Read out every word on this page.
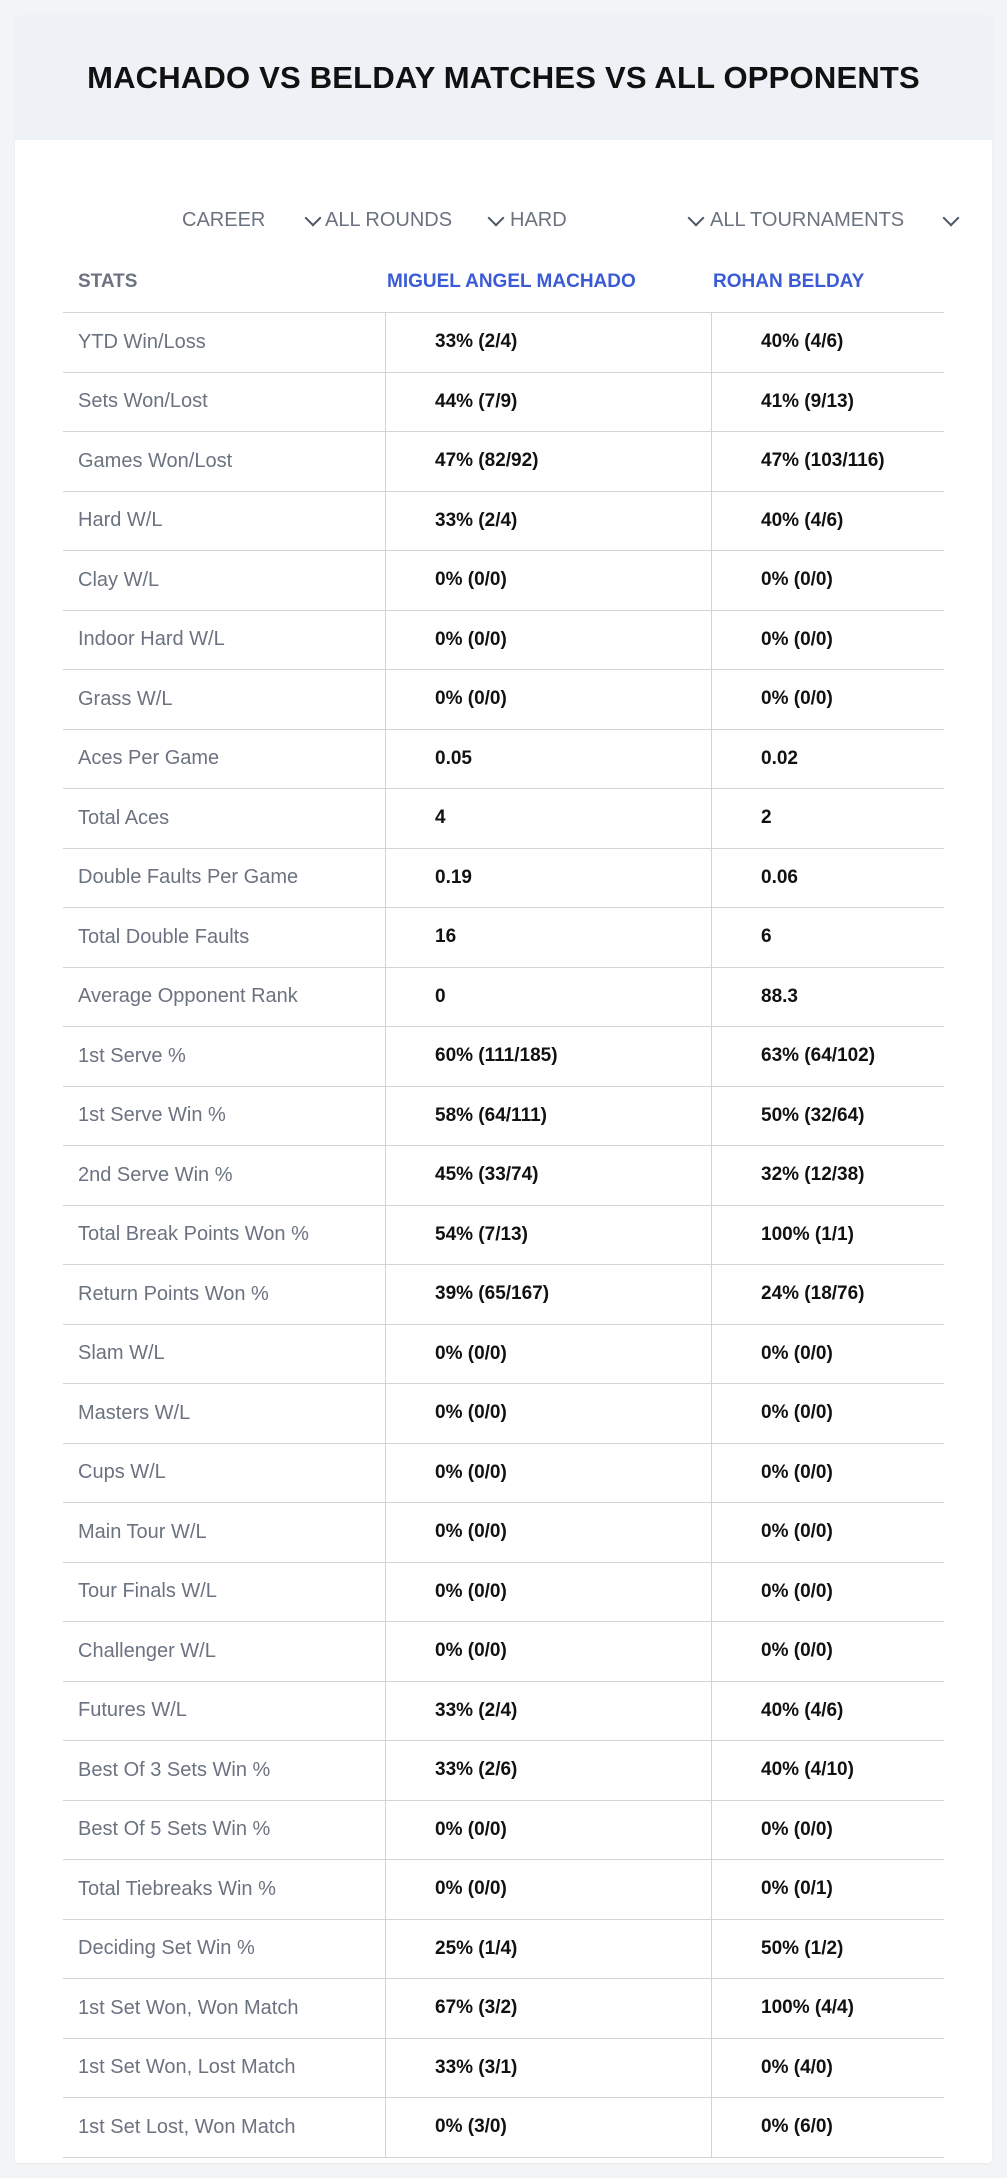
MACHADO VS BELDAY MATCHES VS ALL OPPONENTS
CAREER	ALL ROUNDS	HARD	ALL TOURNAMENTS
STATS	MIGUEL ANGEL MACHADO	ROHAN BELDAY
YTD Win/Loss	33% (2/4)	40% (4/6)
Sets Won/Lost	44% (7/9)	41% (9/13)
Games Won/Lost	47% (82/92)	47% (103/116)
Hard W/L	33% (2/4)	40% (4/6)
Clay W/L	0% (0/0)	0% (0/0)
Indoor Hard W/L	0% (0/0)	0% (0/0)
Grass W/L	0% (0/0)	0% (0/0)
Aces Per Game	0.05	0.02
Total Aces	4	2
Double Faults Per Game	0.19	0.06
Total Double Faults	16	6
Average Opponent Rank	0	88.3
1st Serve %	60% (111/185)	63% (64/102)
1st Serve Win %	58% (64/111)	50% (32/64)
2nd Serve Win %	45% (33/74)	32% (12/38)
Total Break Points Won %	54% (7/13)	100% (1/1)
Return Points Won %	39% (65/167)	24% (18/76)
Slam W/L	0% (0/0)	0% (0/0)
Masters W/L	0% (0/0)	0% (0/0)
Cups W/L	0% (0/0)	0% (0/0)
Main Tour W/L	0% (0/0)	0% (0/0)
Tour Finals W/L	0% (0/0)	0% (0/0)
Challenger W/L	0% (0/0)	0% (0/0)
Futures W/L	33% (2/4)	40% (4/6)
Best Of 3 Sets Win %	33% (2/6)	40% (4/10)
Best Of 5 Sets Win %	0% (0/0)	0% (0/0)
Total Tiebreaks Win %	0% (0/0)	0% (0/1)
Deciding Set Win %	25% (1/4)	50% (1/2)
1st Set Won, Won Match	67% (3/2)	100% (4/4)
1st Set Won, Lost Match	33% (3/1)	0% (4/0)
1st Set Lost, Won Match	0% (3/0)	0% (6/0)
